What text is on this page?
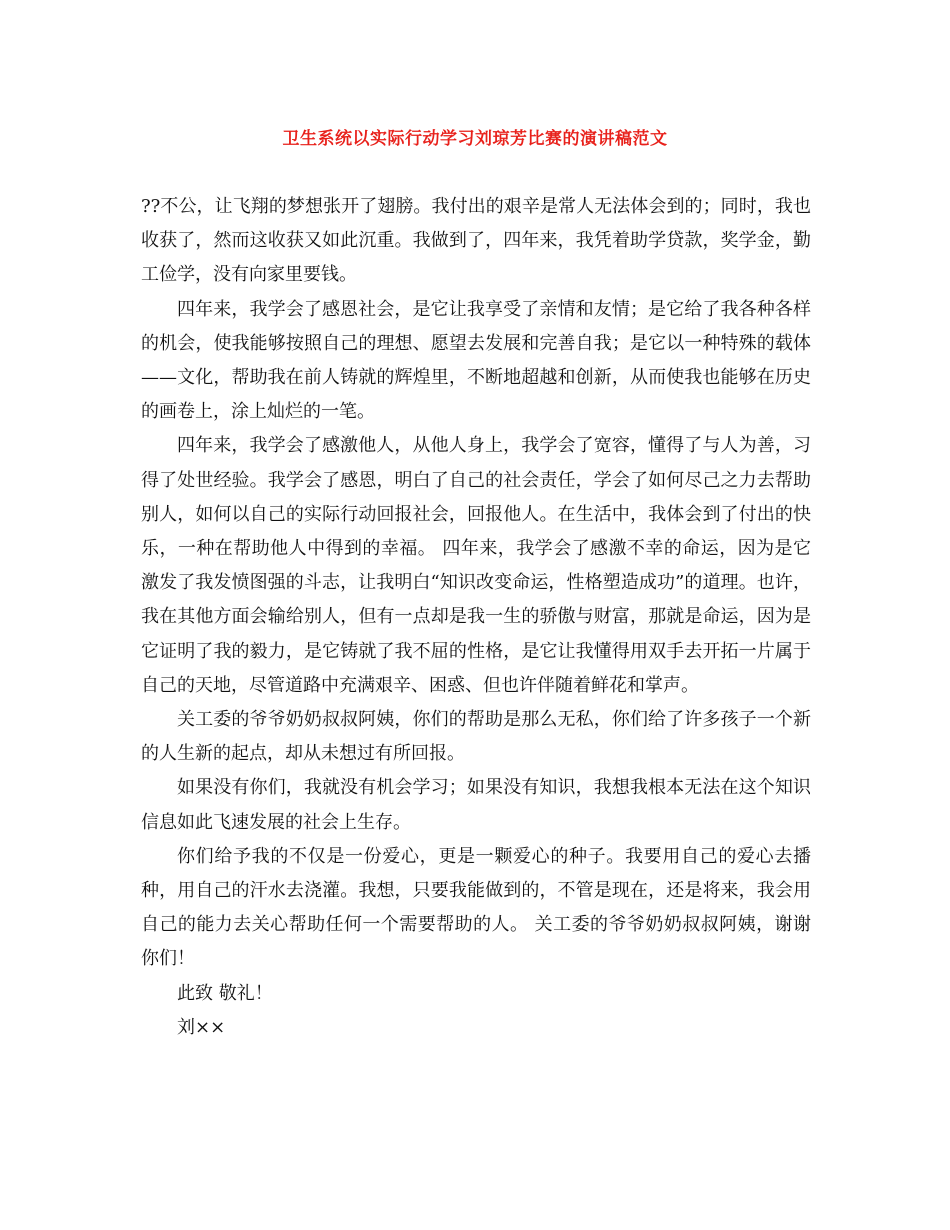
卫生系统以实际行动学习刘琼芳比赛的演讲稿范文

??不公，让飞翔的梦想张开了翅膀。我付出的艰辛是常人无法体会到的；同时，我也收获了，然而这收获又如此沉重。我做到了，四年来，我凭着助学贷款，奖学金，勤工俭学，没有向家里要钱。

四年来，我学会了感恩社会，是它让我享受了亲情和友情；是它给了我各种各样的机会，使我能够按照自己的理想、愿望去发展和完善自我；是它以一种特殊的载体——文化，帮助我在前人铸就的辉煌里，不断地超越和创新，从而使我也能够在历史的画卷上，涂上灿烂的一笔。

四年来，我学会了感激他人，从他人身上，我学会了宽容，懂得了与人为善，习得了处世经验。我学会了感恩，明白了自己的社会责任，学会了如何尽己之力去帮助别人，如何以自己的实际行动回报社会，回报他人。在生活中，我体会到了付出的快乐，一种在帮助他人中得到的幸福。 四年来，我学会了感激不幸的命运，因为是它激发了我发愤图强的斗志，让我明白“知识改变命运，性格塑造成功”的道理。也许，我在其他方面会输给别人，但有一点却是我一生的骄傲与财富，那就是命运，因为是它证明了我的毅力，是它铸就了我不屈的性格，是它让我懂得用双手去开拓一片属于自己的天地，尽管道路中充满艰辛、困惑、但也许伴随着鲜花和掌声。

关工委的爷爷奶奶叔叔阿姨，你们的帮助是那么无私，你们给了许多孩子一个新的人生新的起点，却从未想过有所回报。

如果没有你们，我就没有机会学习；如果没有知识，我想我根本无法在这个知识信息如此飞速发展的社会上生存。

你们给予我的不仅是一份爱心，更是一颗爱心的种子。我要用自己的爱心去播种，用自己的汗水去浇灌。我想，只要我能做到的，不管是现在，还是将来，我会用自己的能力去关心帮助任何一个需要帮助的人。 关工委的爷爷奶奶叔叔阿姨，谢谢你们！

此致 敬礼！

刘××
